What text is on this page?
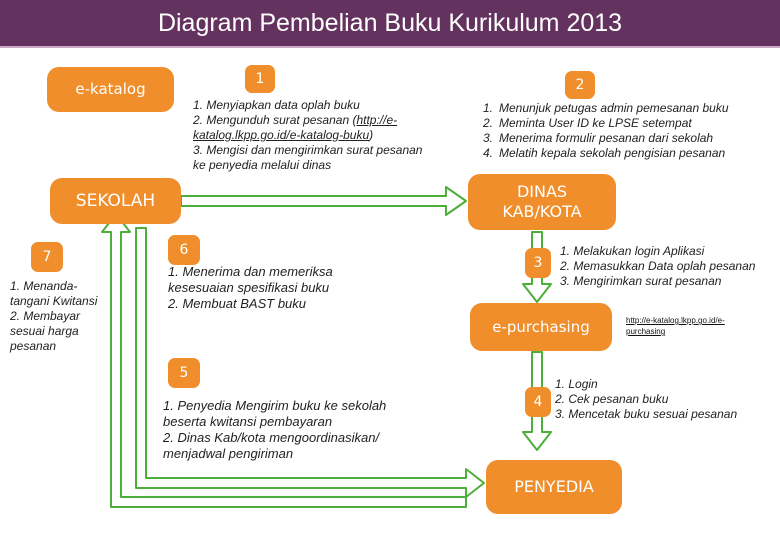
Diagram Pembelian Buku Kurikulum 2013
e-katalog
SEKOLAH	DINAS
KAB/KOTA
e-purchasing
PENYEDIA
1	2
3
4
5
6
7
1. Menyiapkan data oplah buku
2. Mengunduh surat pesanan (http://e-katalog.lkpp.go.id/e-katalog-buku)
3. Mengisi dan mengirimkan surat pesanan ke penyedia melalui dinas
1. Menunjuk petugas admin pemesanan buku
2. Meminta User ID ke LPSE setempat
3. Menerima formulir pesanan dari sekolah
4. Melatih kepala sekolah pengisian pesanan
1. Melakukan login Aplikasi
2. Memasukkan Data oplah pesanan
3. Mengirimkan surat pesanan
http://e-katalog.lkpp.go.id/e-purchasing
1. Login
2. Cek pesanan buku
3. Mencetak buku sesuai pesanan
1. Penyedia Mengirim buku ke sekolah beserta kwitansi pembayaran
2. Dinas Kab/kota mengoordinasikan/ menjadwal pengiriman
1. Menerima dan memeriksa kesesuaian spesifikasi buku
2. Membuat BAST buku
1. Menanda-tangani Kwitansi
2. Membayar sesuai harga pesanan
